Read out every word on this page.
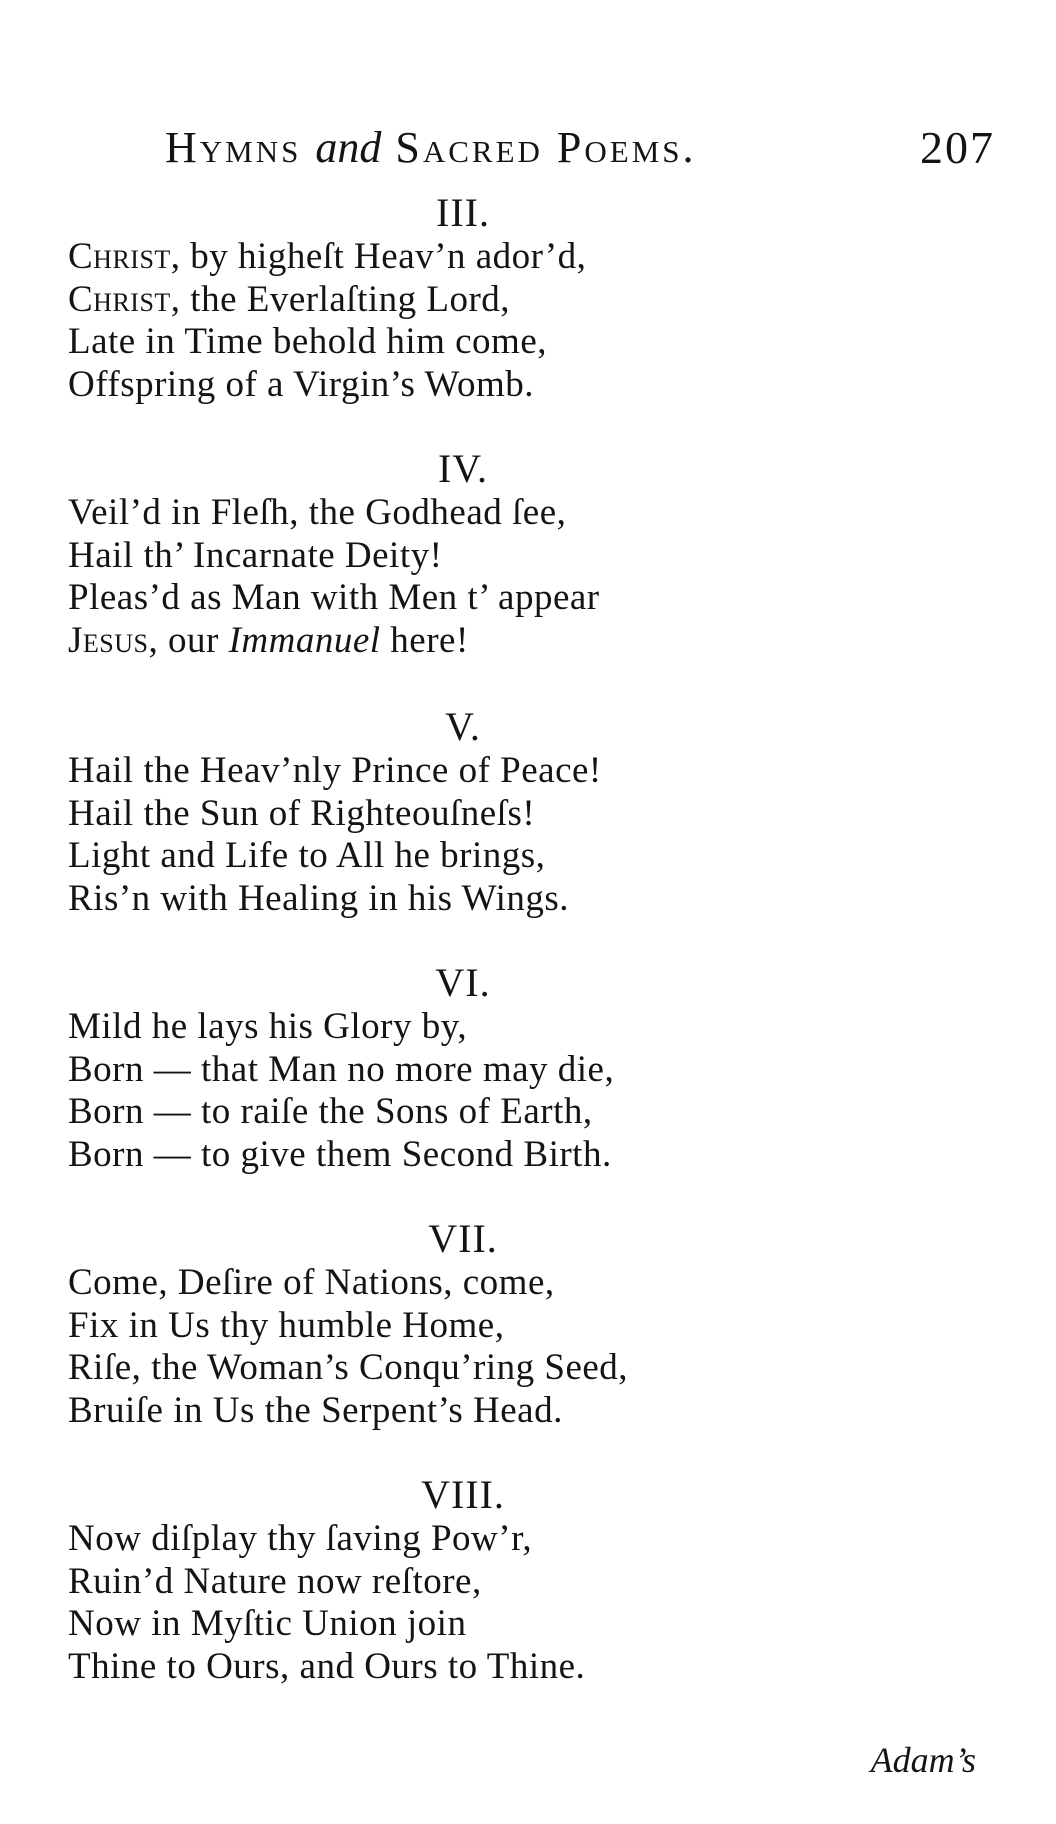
Hymns and Sacred Poems.	207
III.
Christ, by higheſt Heav’n ador’d,
Christ, the Everlaſting Lord,
Late in Time behold him come,
Offspring of a Virgin’s Womb.
IV.
Veil’d in Fleſh, the Godhead ſee,
Hail th’ Incarnate Deity!
Pleas’d as Man with Men t’ appear
Jesus, our Immanuel here!
V.
Hail the Heav’nly Prince of Peace!
Hail the Sun of Righteouſneſs!
Light and Life to All he brings,
Ris’n with Healing in his Wings.
VI.
Mild he lays his Glory by,
Born — that Man no more may die,
Born — to raiſe the Sons of Earth,
Born — to give them Second Birth.
VII.
Come, Deſire of Nations, come,
Fix in Us thy humble Home,
Riſe, the Woman’s Conqu’ring Seed,
Bruiſe in Us the Serpent’s Head.
VIII.
Now diſplay thy ſaving Pow’r,
Ruin’d Nature now reſtore,
Now in Myſtic Union join
Thine to Ours, and Ours to Thine.
Adam’s
